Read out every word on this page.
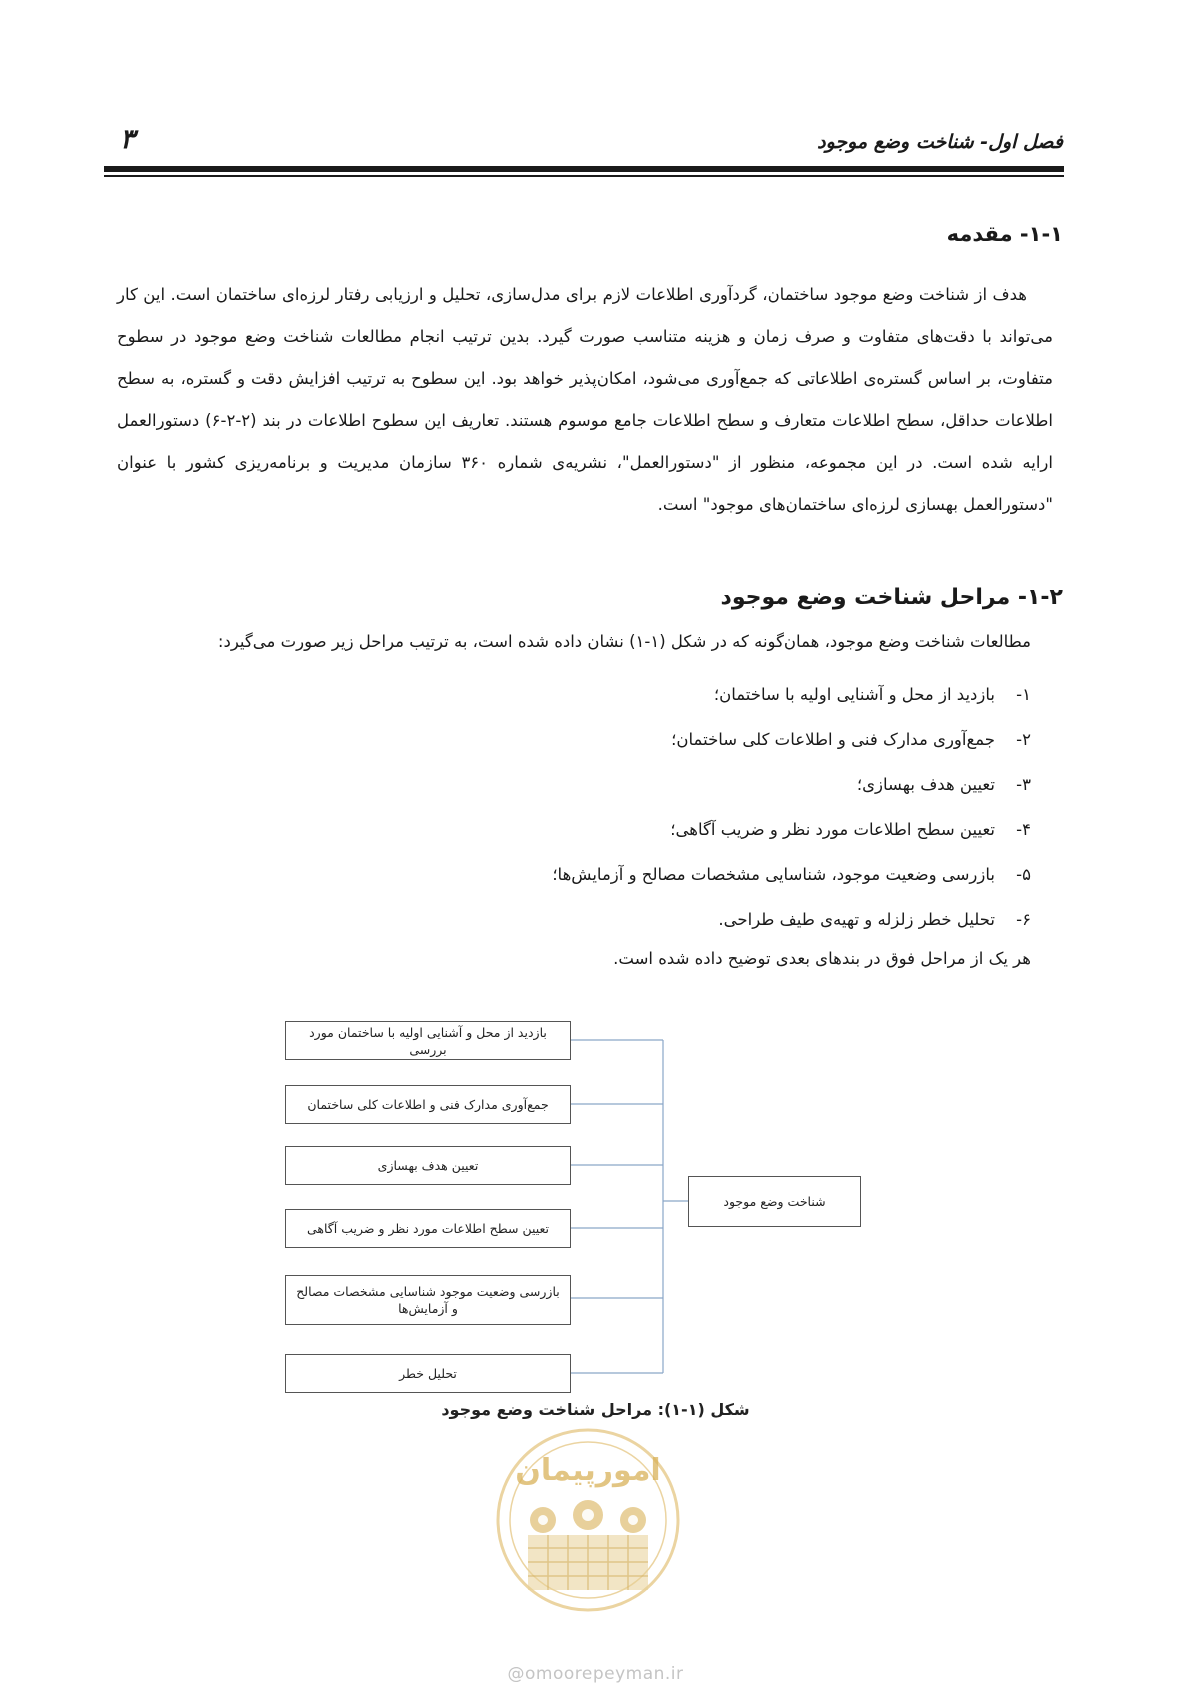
فصل اول- شناخت وضع موجود
۳
۱-۱- مقدمه

هدف از شناخت وضع موجود ساختمان، گردآوری اطلاعات لازم برای مدل‌سازی، تحلیل و ارزیابی رفتار لرزه‌ای ساختمان است. این کار می‌تواند با دقت‌های متفاوت و صرف زمان و هزینه متناسب صورت گیرد. بدین ترتیب انجام مطالعات شناخت وضع موجود در سطوح متفاوت، بر اساس گستره‌ی اطلاعاتی که جمع‌آوری می‌شود، امکان‌پذیر خواهد بود. این سطوح به ترتیب افزایش دقت و گستره، به سطح اطلاعات حداقل، سطح اطلاعات متعارف و سطح اطلاعات جامع موسوم هستند. تعاریف این سطوح اطلاعات در بند (۲-۲-۶) دستورالعمل ارایه شده است. در این مجموعه، منظور از "دستورالعمل"، نشریه‌ی شماره ۳۶۰ سازمان مدیریت و برنامه‌ریزی کشور با عنوان "دستورالعمل بهسازی لرزه‌ای ساختمان‌های موجود" است.

۱-۲- مراحل شناخت وضع موجود
مطالعات شناخت وضع موجود، همان‌گونه که در شکل (۱-۱) نشان داده شده است، به ترتیب مراحل زیر صورت می‌گیرد:
۱-بازدید از محل و آشنایی اولیه با ساختمان؛
۲-جمع‌آوری مدارک فنی و اطلاعات کلی ساختمان؛
۳-تعیین هدف بهسازی؛
۴-تعیین سطح اطلاعات مورد نظر و ضریب آگاهی؛
۵-بازرسی وضعیت موجود، شناسایی مشخصات مصالح و آزمایش‌ها؛
۶-تحلیل خطر زلزله و تهیه‌ی طیف طراحی.
هر یک از مراحل فوق در بندهای بعدی توضیح داده شده است.
بازدید از محل و آشنایی اولیه با ساختمان مورد بررسی
جمع‌آوری مدارک فنی و اطلاعات کلی ساختمان
تعیین هدف بهسازی
تعیین سطح اطلاعات مورد نظر و ضریب آگاهی
بازرسی وضعیت موجود شناسایی مشخصات مصالح و آزمایش‌ها
تحلیل خطر
شناخت وضع موجود
شکل (۱-۱): مراحل شناخت وضع موجود
امورپیمان
@omoorepeyman.ir
